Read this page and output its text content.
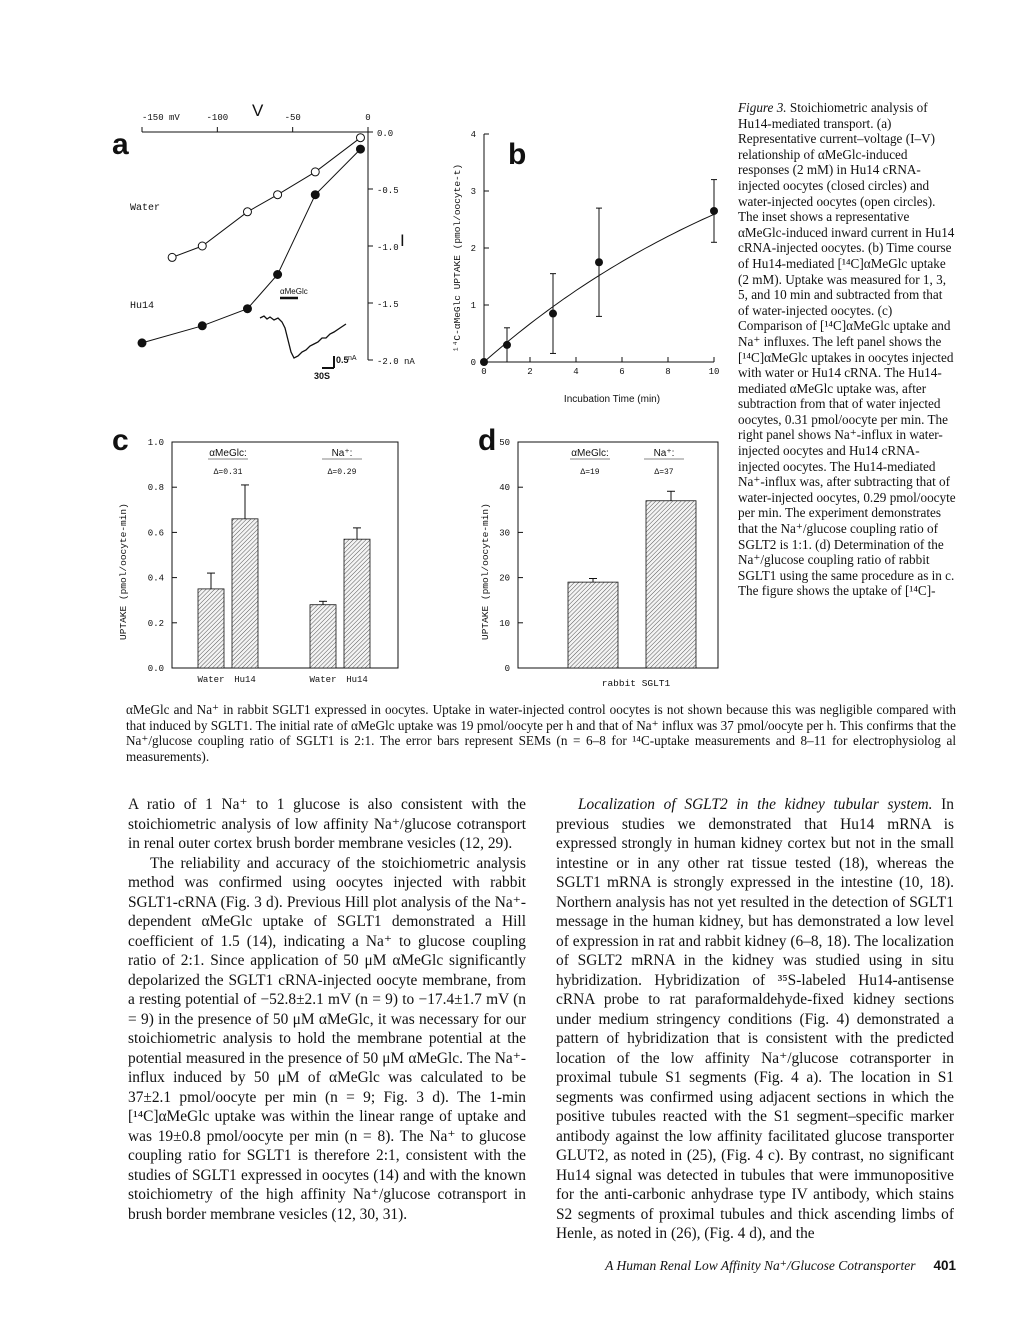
a
V
I
Water
Hu14
-150 mV	-100	-50	0
0.0
-0.5
-1.0
-1.5
-2.0 nA
αMeGlc
0.5 nA
30S
b
¹⁴C-αMeGlc UPTAKE (pmol/oocyte-t)
Incubation Time (min)
0	2	4	6	8	10
0
1
2
3
4
c
UPTAKE (pmol/oocyte-min)
0.0
0.2
0.4
0.6
0.8
1.0
αMeGlc:
Δ=0.31
Na⁺:
Δ=0.29
Water Hu14	Water Hu14
d
UPTAKE (pmol/oocyte-min)
rabbit SGLT1
0
10
20
30
40
50
αMeGlc:
Δ=19
Na⁺:
Δ=37
Figure 3. Stoichiometric analysis of Hu14-mediated transport. (a) Representative current–voltage (I–V) relationship of αMeGlc-induced responses (2 mM) in Hu14 cRNA-injected oocytes (closed circles) and water-injected oocytes (open circles). The inset shows a representative αMeGlc-induced inward current in Hu14 cRNA-injected oocytes. (b) Time course of Hu14-mediated [¹⁴C]αMeGlc uptake (2 mM). Uptake was measured for 1, 3, 5, and 10 min and subtracted from that of water-injected oocytes. (c) Comparison of [¹⁴C]αMeGlc uptake and Na⁺ influxes. The left panel shows the [¹⁴C]αMeGlc uptakes in oocytes injected with water or Hu14 cRNA. The Hu14-mediated αMeGlc uptake was, after subtraction from that of water injected oocytes, 0.31 pmol/oocyte per min. The right panel shows Na⁺-influx in water-injected oocytes and Hu14 cRNA-injected oocytes. The Hu14-mediated Na⁺-influx was, after subtracting that of water-injected oocytes, 0.29 pmol/oocyte per min. The experiment demonstrates that the Na⁺/glucose coupling ratio of SGLT2 is 1:1. (d) Determination of the Na⁺/glucose coupling ratio of rabbit SGLT1 using the same procedure as in c. The figure shows the uptake of [¹⁴C]-
αMeGlc and Na⁺ in rabbit SGLT1 expressed in oocytes. Uptake in water-injected control oocytes is not shown because this was negligible compared with that induced by SGLT1. The initial rate of αMeGlc uptake was 19 pmol/oocyte per h and that of Na⁺ influx was 37 pmol/oocyte per h. This confirms that the Na⁺/glucose coupling ratio of SGLT1 is 2:1. The error bars represent SEMs (n = 6–8 for ¹⁴C-uptake measurements and 8–11 for electrophysiolog al measurements).

A ratio of 1 Na⁺ to 1 glucose is also consistent with the stoichiometric analysis of low affinity Na⁺/glucose cotransport in renal outer cortex brush border membrane vesicles (12, 29).

The reliability and accuracy of the stoichiometric analysis method was confirmed using oocytes injected with rabbit SGLT1-cRNA (Fig. 3 d). Previous Hill plot analysis of the Na⁺-dependent αMeGlc uptake of SGLT1 demonstrated a Hill coefficient of 1.5 (14), indicating a Na⁺ to glucose coupling ratio of 2:1. Since application of 50 μM αMeGlc significantly depolarized the SGLT1 cRNA-injected oocyte membrane, from a resting potential of −52.8±2.1 mV (n = 9) to −17.4±1.7 mV (n = 9) in the presence of 50 μM αMeGlc, it was necessary for our stoichiometric analysis to hold the membrane potential at the potential measured in the presence of 50 μM αMeGlc. The Na⁺-influx induced by 50 μM of αMeGlc was calculated to be 37±2.1 pmol/oocyte per min (n = 9; Fig. 3 d). The 1-min [¹⁴C]αMeGlc uptake was within the linear range of uptake and was 19±0.8 pmol/oocyte per min (n = 8). The Na⁺ to glucose coupling ratio for SGLT1 is therefore 2:1, consistent with the studies of SGLT1 expressed in oocytes (14) and with the known stoichiometry of the high affinity Na⁺/glucose cotransport in brush border membrane vesicles (12, 30, 31).

Localization of SGLT2 in the kidney tubular system. In previous studies we demonstrated that Hu14 mRNA is expressed strongly in human kidney cortex but not in the small intestine or in any other rat tissue tested (18), whereas the SGLT1 mRNA is strongly expressed in the intestine (10, 18). Northern analysis has not yet resulted in the detection of SGLT1 message in the human kidney, but has demonstrated a low level of expression in rat and rabbit kidney (6–8, 18). The localization of SGLT2 mRNA in the kidney was studied using in situ hybridization. Hybridization of ³⁵S-labeled Hu14-antisense cRNA probe to rat paraformaldehyde-fixed kidney sections under medium stringency conditions (Fig. 4) demonstrated a pattern of hybridization that is consistent with the predicted location of the low affinity Na⁺/glucose cotransporter in proximal tubule S1 segments (Fig. 4 a). The location in S1 segments was confirmed using adjacent sections in which the positive tubules reacted with the S1 segment–specific marker antibody against the low affinity facilitated glucose transporter GLUT2, as noted in (25), (Fig. 4 c). By contrast, no significant Hu14 signal was detected in tubules that were immunopositive for the anti-carbonic anhydrase type IV antibody, which stains S2 segments of proximal tubules and thick ascending limbs of Henle, as noted in (26), (Fig. 4 d), and the

A Human Renal Low Affinity Na⁺/Glucose Cotransporter 401
